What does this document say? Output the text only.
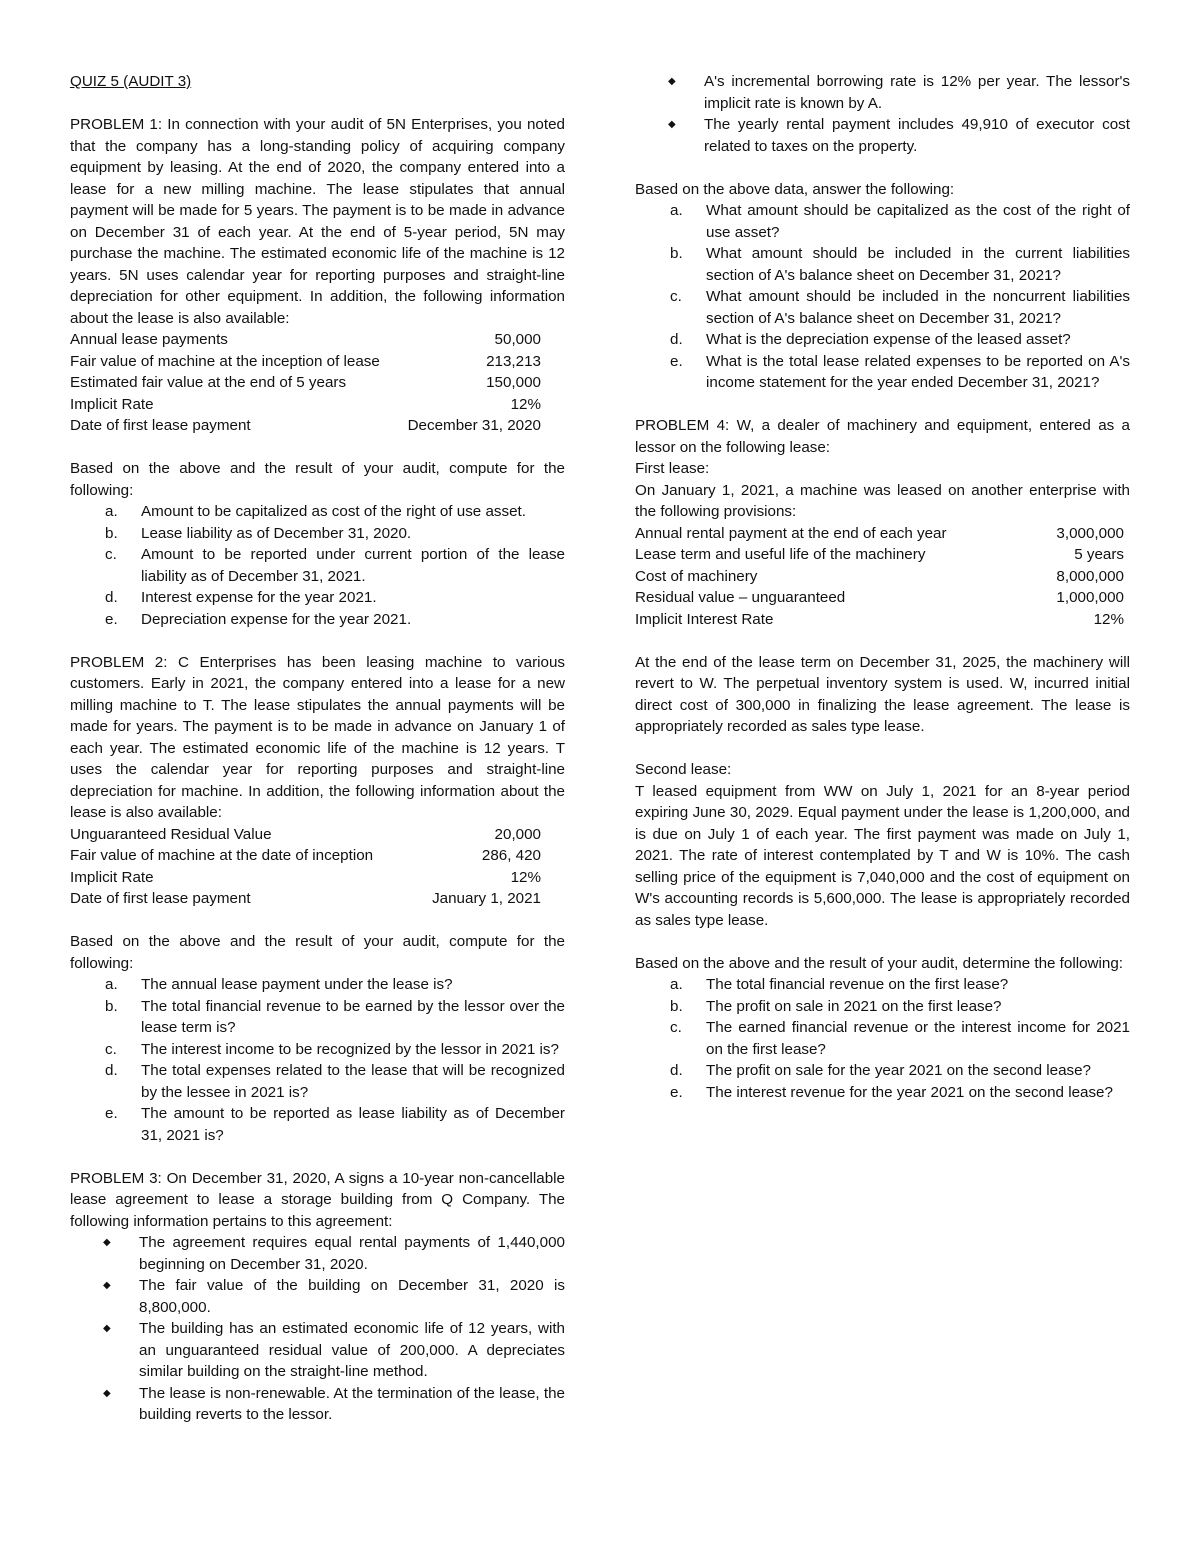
QUIZ 5 (AUDIT 3)

PROBLEM 1: In connection with your audit of 5N Enterprises, you noted that the company has a long-standing policy of acquiring company equipment by leasing. At the end of 2020, the company entered into a lease for a new milling machine. The lease stipulates that annual payment will be made for 5 years. The payment is to be made in advance on December 31 of each year. At the end of 5-year period, 5N may purchase the machine. The estimated economic life of the machine is 12 years. 5N uses calendar year for reporting purposes and straight-line depreciation for other equipment. In addition, the following information about the lease is also available:

Annual lease payments	50,000
Fair value of machine at the inception of lease	213,213
Estimated fair value at the end of 5 years	150,000
Implicit Rate	12%
Date of first lease payment	December 31, 2020

Based on the above and the result of your audit, compute for the following:

a.	Amount to be capitalized as cost of the right of use asset.
b.	Lease liability as of December 31, 2020.
c.	Amount to be reported under current portion of the lease liability as of December 31, 2021.
d.	Interest expense for the year 2021.
e.	Depreciation expense for the year 2021.

PROBLEM 2: C Enterprises has been leasing machine to various customers. Early in 2021, the company entered into a lease for a new milling machine to T. The lease stipulates the annual payments will be made for years. The payment is to be made in advance on January 1 of each year. The estimated economic life of the machine is 12 years. T uses the calendar year for reporting purposes and straight-line depreciation for machine. In addition, the following information about the lease is also available:

Unguaranteed Residual Value	20,000
Fair value of machine at the date of inception	286, 420
Implicit Rate	12%
Date of first lease payment	January 1, 2021

Based on the above and the result of your audit, compute for the following:

a.	The annual lease payment under the lease is?
b.	The total financial revenue to be earned by the lessor over the lease term is?
c.	The interest income to be recognized by the lessor in 2021 is?
d.	The total expenses related to the lease that will be recognized by the lessee in 2021 is?
e.	The amount to be reported as lease liability as of December 31, 2021 is?

PROBLEM 3: On December 31, 2020, A signs a 10-year non-cancellable lease agreement to lease a storage building from Q Company. The following information pertains to this agreement:

◆	The agreement requires equal rental payments of 1,440,000 beginning on December 31, 2020.
◆	The fair value of the building on December 31, 2020 is 8,800,000.
◆	The building has an estimated economic life of 12 years, with an unguaranteed residual value of 200,000. A depreciates similar building on the straight-line method.
◆	The lease is non-renewable. At the termination of the lease, the building reverts to the lessor.
◆	A's incremental borrowing rate is 12% per year. The lessor's implicit rate is known by A.
◆	The yearly rental payment includes 49,910 of executor cost related to taxes on the property.

Based on the above data, answer the following:

a.	What amount should be capitalized as the cost of the right of use asset?
b.	What amount should be included in the current liabilities section of A's balance sheet on December 31, 2021?
c.	What amount should be included in the noncurrent liabilities section of A's balance sheet on December 31, 2021?
d.	What is the depreciation expense of the leased asset?
e.	What is the total lease related expenses to be reported on A's income statement for the year ended December 31, 2021?

PROBLEM 4: W, a dealer of machinery and equipment, entered as a lessor on the following lease:

First lease:

On January 1, 2021, a machine was leased on another enterprise with the following provisions:

Annual rental payment at the end of each year	3,000,000
Lease term and useful life of the machinery	5 years
Cost of machinery	8,000,000
Residual value – unguaranteed	1,000,000
Implicit Interest Rate	12%

At the end of the lease term on December 31, 2025, the machinery will revert to W. The perpetual inventory system is used. W, incurred initial direct cost of 300,000 in finalizing the lease agreement. The lease is appropriately recorded as sales type lease.

Second lease:

T leased equipment from WW on July 1, 2021 for an 8-year period expiring June 30, 2029. Equal payment under the lease is 1,200,000, and is due on July 1 of each year. The first payment was made on July 1, 2021. The rate of interest contemplated by T and W is 10%. The cash selling price of the equipment is 7,040,000 and the cost of equipment on W's accounting records is 5,600,000. The lease is appropriately recorded as sales type lease.

Based on the above and the result of your audit, determine the following:

a.	The total financial revenue on the first lease?
b.	The profit on sale in 2021 on the first lease?
c.	The earned financial revenue or the interest income for 2021 on the first lease?
d.	The profit on sale for the year 2021 on the second lease?
e.	The interest revenue for the year 2021 on the second lease?
